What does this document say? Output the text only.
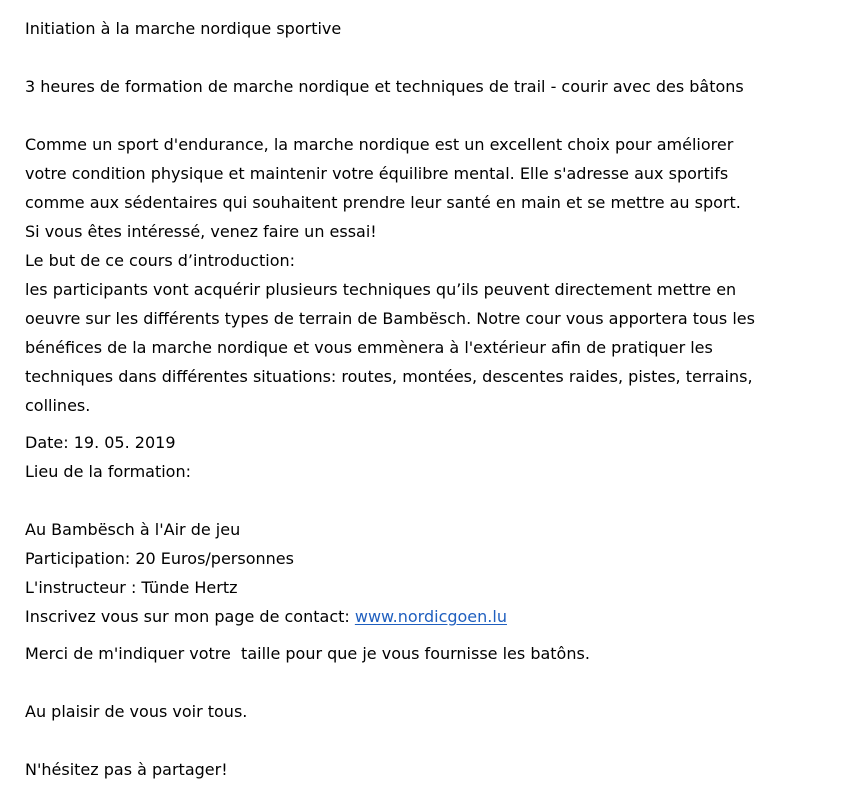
Initiation à la marche nordique sportive
3 heures de formation de marche nordique et techniques de trail - courir avec des bâtons
Comme un sport d'endurance, la marche nordique est un excellent choix pour améliorer
votre condition physique et maintenir votre équilibre mental. Elle s'adresse aux sportifs
comme aux sédentaires qui souhaitent prendre leur santé en main et se mettre au sport.
Si vous êtes intéressé, venez faire un essai!
Le but de ce cours d’introduction:
les participants vont acquérir plusieurs techniques qu’ils peuvent directement mettre en
oeuvre sur les différents types de terrain de Bambësch. Notre cour vous apportera tous les
bénéfices de la marche nordique et vous emmènera à l'extérieur afin de pratiquer les
techniques dans différentes situations: routes, montées, descentes raides, pistes, terrains,
collines.
Date: 19. 05. 2019
Lieu de la formation:
Au Bambësch à l'Air de jeu
Participation: 20 Euros/personnes
L'instructeur : Tünde Hertz
Inscrivez vous sur mon page de contact: www.nordicgoen.lu
Merci de m'indiquer votre  taille pour que je vous fournisse les batôns.
Au plaisir de vous voir tous.
N'hésitez pas à partager!
